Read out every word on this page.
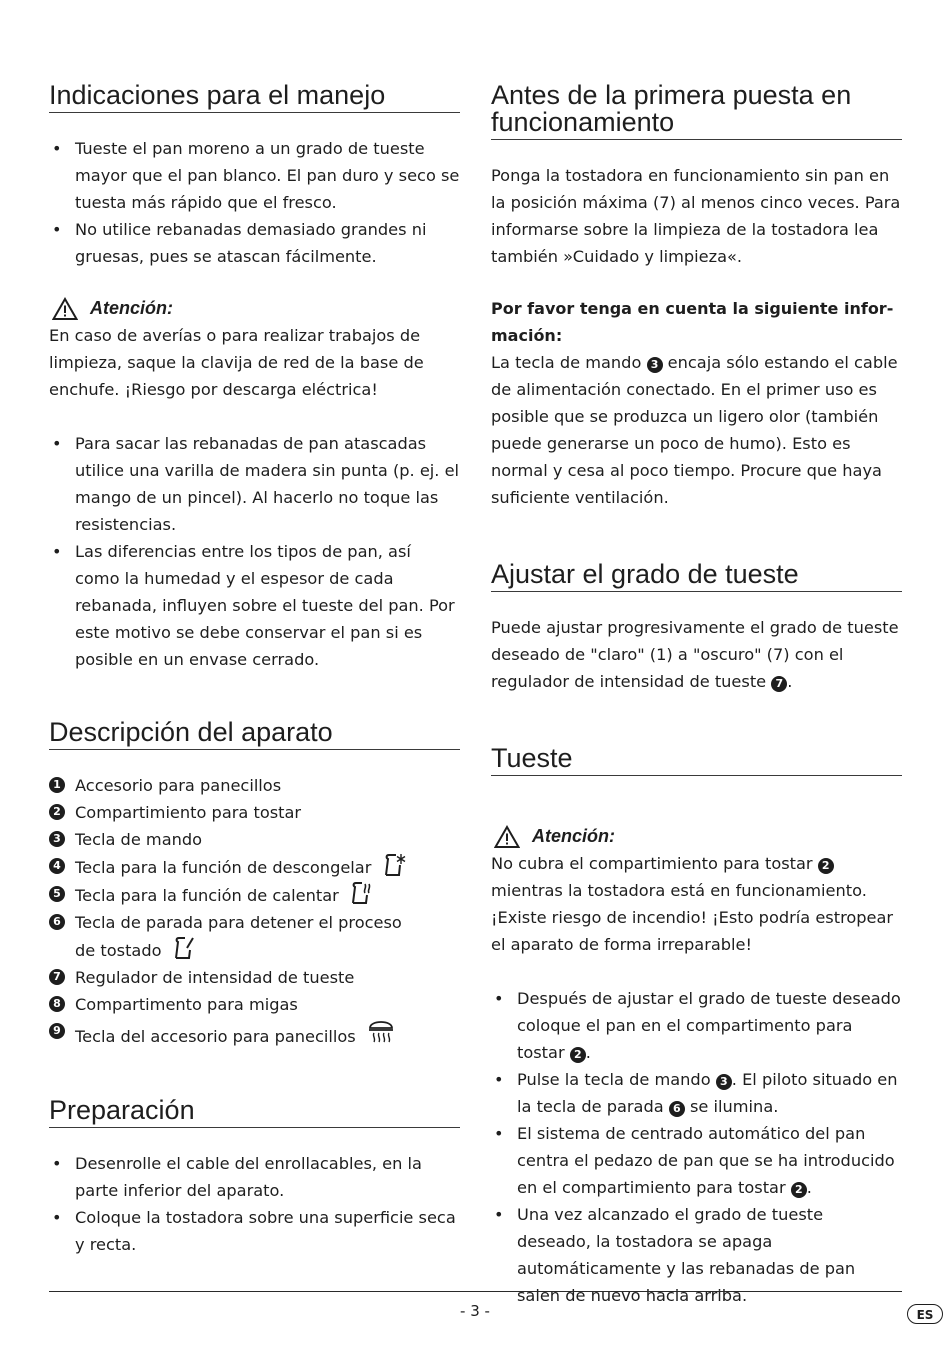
Indicaciones para el manejo
• Tueste el pan moreno a un grado de tueste mayor que el pan blanco. El pan duro y seco se tuesta más rápido que el fresco.
• No utilice rebanadas demasiado grandes ni gruesas, pues se atascan fácilmente.
Atención:

En caso de averías o para realizar trabajos de limpieza, saque la clavija de red de la base de enchufe. ¡Riesgo por descarga eléctrica!

• Para sacar las rebanadas de pan atascadas utilice una varilla de madera sin punta (p. ej. el mango de un pincel). Al hacerlo no toque las resistencias.
• Las diferencias entre los tipos de pan, así como la humedad y el espesor de cada rebanada, influyen sobre el tueste del pan. Por este motivo se debe conservar el pan si es posible en un envase cerrado.
Descripción del aparato
1 Accesorio para panecillos
2 Compartimiento para tostar
3 Tecla de mando
4 Tecla para la función de descongelar
5 Tecla para la función de calentar
6 Tecla de parada para detener el proceso
de tostado
7 Regulador de intensidad de tueste
8 Compartimento para migas
9 Tecla del accesorio para panecillos
Preparación
• Desenrolle el cable del enrollacables, en la parte inferior del aparato.
• Coloque la tostadora sobre una superficie seca y recta.
Antes de la primera puesta en funcionamiento

Ponga la tostadora en funcionamiento sin pan en la posición máxima (7) al menos cinco veces. Para informarse sobre la limpieza de la tostadora lea también »Cuidado y limpieza«.

Por favor tenga en cuenta la siguiente infor-mación:

La tecla de mando 3 encaja sólo estando el cable de alimentación conectado. En el primer uso es posible que se produzca un ligero olor (también puede generarse un poco de humo). Esto es normal y cesa al poco tiempo. Procure que haya suficiente ventilación.

Ajustar el grado de tueste

Puede ajustar progresivamente el grado de tueste deseado de "claro" (1) a "oscuro" (7) con el regulador de intensidad de tueste 7 .

Tueste
Atención:

No cubra el compartimiento para tostar 2 mientras la tostadora está en funcionamiento. ¡Existe riesgo de incendio! ¡Esto podría estropear el aparato de forma irreparable!

• Después de ajustar el grado de tueste deseado coloque el pan en el compartimento para tostar 2 .
• Pulse la tecla de mando 3 . El piloto situado en la tecla de parada 6 se ilumina.
• El sistema de centrado automático del pan centra el pedazo de pan que se ha introducido en el compartimiento para tostar 2 .
• Una vez alcanzado el grado de tueste deseado, la tostadora se apaga automáticamente y las rebanadas de pan salen de nuevo hacia arriba.
- 3 -	ES
